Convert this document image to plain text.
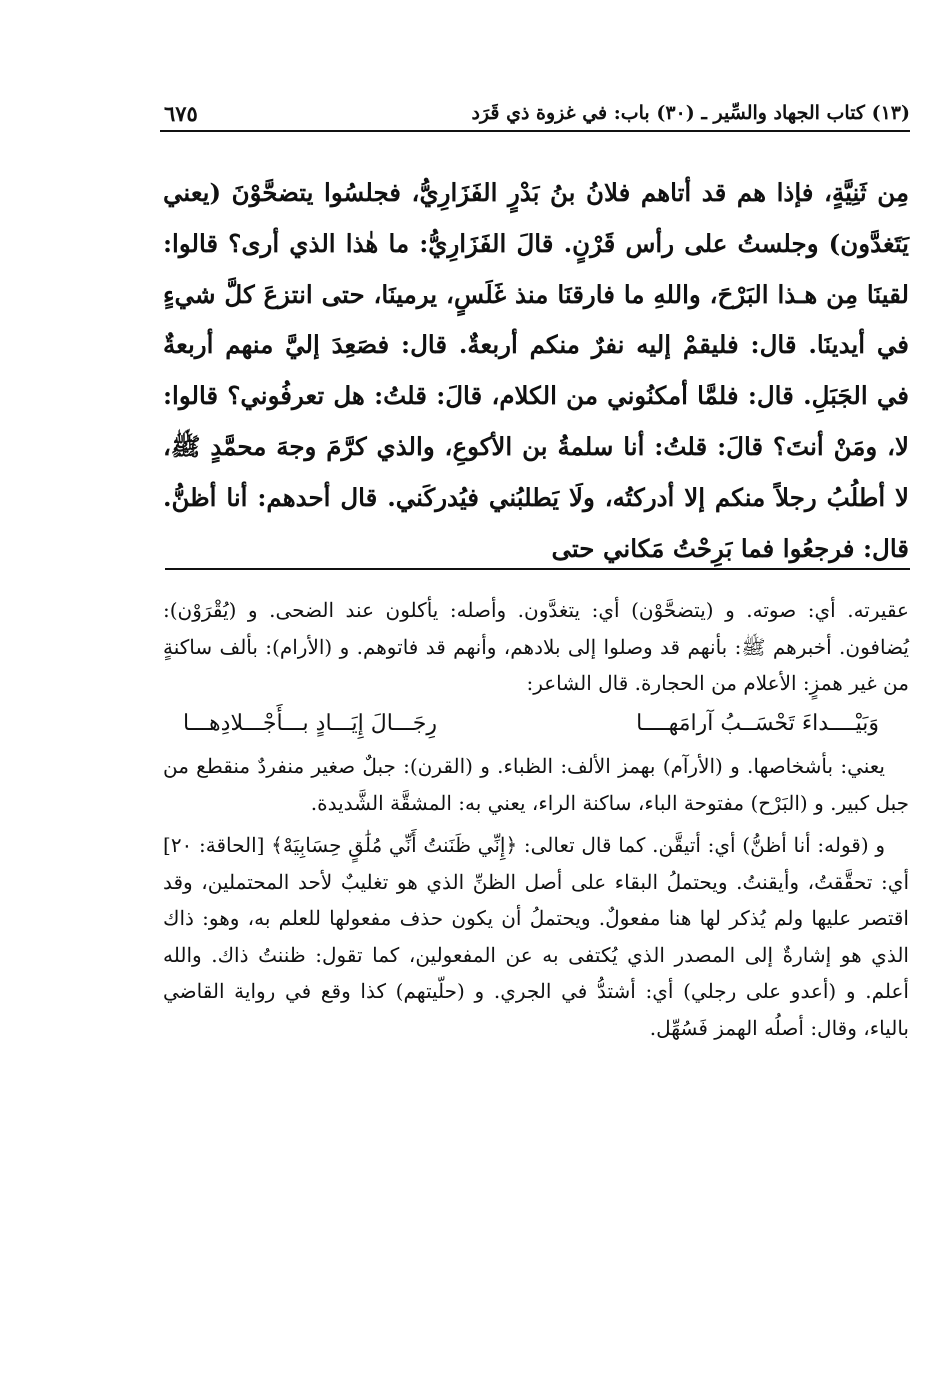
(١٣) كتاب الجهاد والسِّير ـ (٣٠) باب: في غزوة ذي قَرَد
٦٧٥

مِن ثَنِيَّةٍ، فإذا هم قد أتاهم فلانُ بنُ بَدْرٍ الفَزَارِيُّ، فجلسُوا يتضحَّوْنَ (يعني يَتَغدَّون) وجلستُ على رأس قَرْنٍ. قالَ الفَزَارِيُّ: ما هٰذا الذي أرى؟ قالوا: لقينَا مِن هـذا البَرْحَ، واللهِ ما فارقنَا منذ غَلَسٍ، يرمينَا، حتى انتزعَ كلَّ شيءٍ في أيدينَا. قال: فليقمْ إليه نفرٌ منكم أربعةٌ. قال: فصَعِدَ إليَّ منهم أربعةٌ في الجَبَلِ. قال: فلمَّا أمكنُوني من الكلام، قالَ: قلتُ: هل تعرفُوني؟ قالوا: لا، ومَنْ أنتَ؟ قالَ: قلتُ: أنا سلمةُ بن الأكوعِ، والذي كرَّمَ وجهَ محمَّدٍ ﷺ، لا أطلُبُ رجلاً منكم إلا أدركتُه، ولَا يَطلبُني فيُدركَني. قال أحدهم: أنا أظنُّ. قال: فرجعُوا فما بَرِحْتُ مَكاني حتى

عقيرته. أي: صوته. و (يتضحَّوْن) أي: يتغدَّون. وأصله: يأكلون عند الضحى. و (يُقْرَوْن): يُضافون. أخبرهم ﷺ: بأنهم قد وصلوا إلى بلادهم، وأنهم قد فاتوهم. و (الأرام): بألف ساكنةٍ من غير همزٍ: الأعلام من الحجارة. قال الشاعر:

وَبَيْــــداءَ تَحْسَــبُ آرامَهــــا
رِجَـــالَ إِيَـــادٍ بـــأَجْـــلادِهـــا

يعني: بأشخاصها. و (الأرآم) بهمز الألف: الظباء. و (القرن): جبلٌ صغير منفردٌ منقطع من جبل كبير. و (البَرْح) مفتوحة الباء، ساكنة الراء، يعني به: المشقَّة الشَّديدة.

و (قوله: أنا أظنُّ) أي: أتيقَّن. كما قال تعالى: ﴿إِنِّي ظَنَنتُ أَنِّي مُلَٰقٍ حِسَابِيَهْ﴾ [الحاقة: ٢٠] أي: تحقَّقتُ، وأيقنتُ. ويحتملُ البقاء على أصل الظنِّ الذي هو تغليبٌ لأحد المحتملين، وقد اقتصر عليها ولم يُذكر لها هنا مفعولٌ. ويحتملُ أن يكون حذف مفعولها للعلم به، وهو: ذاك الذي هو إشارةٌ إلى المصدر الذي يُكتفى به عن المفعولين، كما تقول: ظننتُ ذاك. والله أعلم. و (أعدو على رجلي) أي: أشتدُّ في الجري. و (حلّيتهم) كذا وقع في رواية القاضي بالياء، وقال: أصلُه الهمز فَسُهِّل.
